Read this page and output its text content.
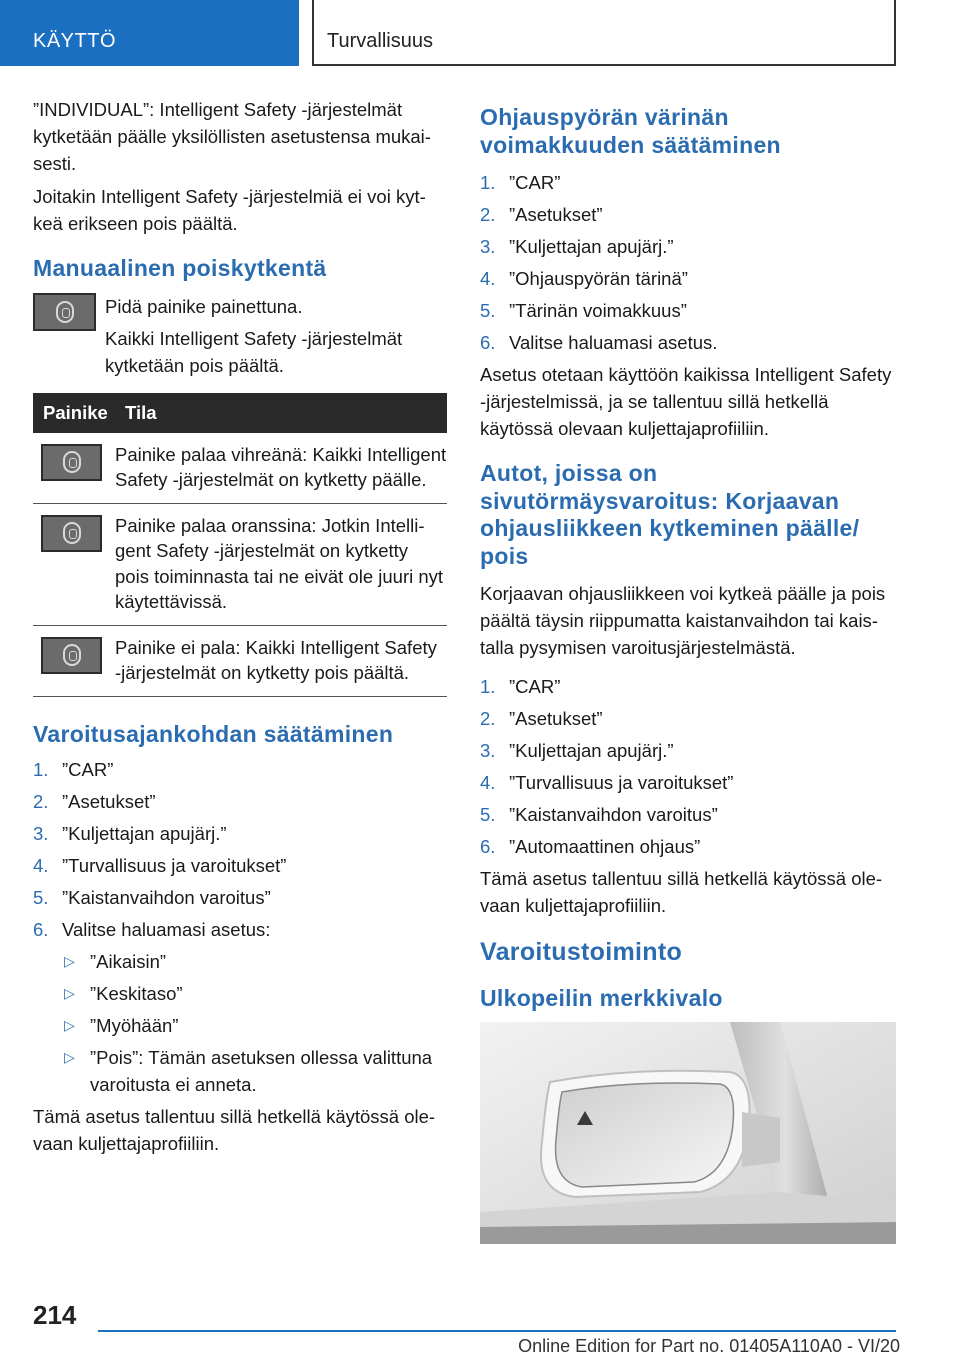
KÄYTTÖ	Turvallisuus

”INDIVIDUAL”: Intelligent Safety -järjestelmät kytketään päälle yksilöllisten asetustensa mukaisesti.

Joitakin Intelligent Safety -järjestelmiä ei voi kytkeä erikseen pois päältä.

Manuaalinen poiskytkentä
Pidä painike painettuna.
Kaikki Intelligent Safety -järjestelmät kytketään pois päältä.

Painike	Tila

	Painike palaa vihreänä: Kaikki Intelligent Safety -järjestelmät on kytketty päälle.

	Painike palaa oranssina: Jotkin Intelligent Safety -järjestelmät on kytketty pois toiminnasta tai ne eivät ole juuri nyt käytettävissä.

	Painike ei pala: Kaikki Intelligent Safety -järjestelmät on kytketty pois päältä.
Varoitusajankohdan säätäminen
1. ”CAR”
2. ”Asetukset”
3. ”Kuljettajan apujärj.”
4. ”Turvallisuus ja varoitukset”
5. ”Kaistanvaihdon varoitus”
6. Valitse haluamasi asetus:
▷ ”Aikaisin”
▷ ”Keskitaso”
▷ ”Myöhään”
▷ ”Pois”: Tämän asetuksen ollessa valittuna varoitusta ei anneta.

Tämä asetus tallentuu sillä hetkellä käytössä olevaan kuljettajaprofiiliin.

Ohjauspyörän värinän voimakkuuden säätäminen
1. ”CAR”
2. ”Asetukset”
3. ”Kuljettajan apujärj.”
4. ”Ohjauspyörän tärinä”
5. ”Tärinän voimakkuus”
6. Valitse haluamasi asetus.

Asetus otetaan käyttöön kaikissa Intelligent Safety -järjestelmissä, ja se tallentuu sillä hetkellä käytössä olevaan kuljettajaprofiiliin.

Autot, joissa on sivutörmäysvaroitus: Korjaavan ohjausliikkeen kytkeminen päälle/ pois

Korjaavan ohjausliikkeen voi kytkeä päälle ja pois päältä täysin riippumatta kaistanvaihdon tai kaistalla pysymisen varoitusjärjestelmästä.

1. ”CAR”
2. ”Asetukset”
3. ”Kuljettajan apujärj.”
4. ”Turvallisuus ja varoitukset”
5. ”Kaistanvaihdon varoitus”
6. ”Automaattinen ohjaus”

Tämä asetus tallentuu sillä hetkellä käytössä olevaan kuljettajaprofiiliin.

Varoitustoiminto
Ulkopeilin merkkivalo
214
Online Edition for Part no. 01405A110A0 - VI/20
